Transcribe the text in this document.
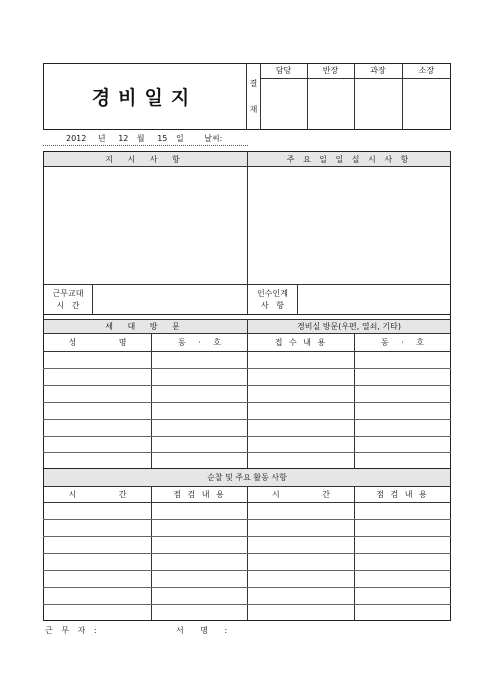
경비일지
결
재
담당	반장	과장	소장
2012 년 12 월 15 일	날씨:
지 시 사 항	주 요 일 일 실 시 사 항
근무교대
시   간
인수인계
사   항
세 대 방 문	경비실 방문(우편, 열쇠, 기타)
성 명	동 · 호	접 수 내 용	동 · 호
순찰 및 주요 활동 사항
시 간	점 검 내 용	시 간	점 검 내 용
근 무 자 :	서 명 :
